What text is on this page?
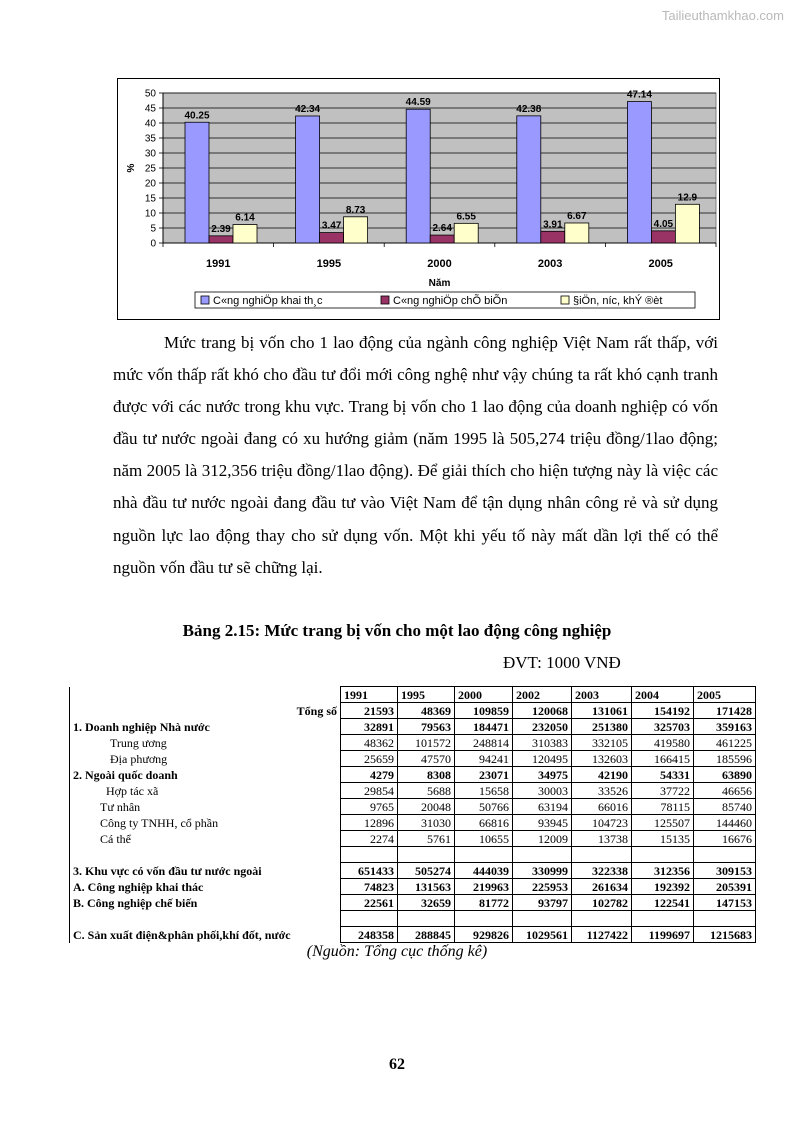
Tailieuthamkhao.com
0
5
10
15
20
25
30
35
40
45
50
%
40.25
2.39
6.14
1991
42.34
3.47
8.73
1995
44.59
2.64
6.55
2000
42.38
3.91
6.67
2003
47.14
4.05
12.9
2005
Năm
C«ng nghiÖp khai th¸c	C«ng nghiÖp chÕ biÕn	§iÖn, níc, khÝ ®èt

Mức trang bị vốn cho 1 lao động của ngành công nghiệp Việt Nam rất thấp, với mức vốn thấp rất khó cho đầu tư đổi mới công nghệ như vậy chúng ta rất khó cạnh tranh được với các nước trong khu vực. Trang bị vốn cho 1 lao động của doanh nghiệp có vốn đầu tư nước ngoài đang có xu hướng giảm (năm 1995 là 505,274 triệu đồng/1lao động; năm 2005 là 312,356 triệu đồng/1lao động). Để giải thích cho hiện tượng này là việc các nhà đầu tư nước ngoài đang đầu tư vào Việt Nam để tận dụng nhân công rẻ và sử dụng nguồn lực lao động thay cho sử dụng vốn. Một khi yếu tố này mất dần lợi thế có thể nguồn vốn đầu tư sẽ chững lại.

Bảng 2.15: Mức trang bị vốn cho một lao động công nghiệp
ĐVT: 1000 VNĐ
	1991	1995	2000	2002	2003	2004	2005
Tổng số	21593	48369	109859	120068	131061	154192	171428
1. Doanh nghiệp Nhà nước	32891	79563	184471	232050	251380	325703	359163
Trung ương	48362	101572	248814	310383	332105	419580	461225
Địa phương	25659	47570	94241	120495	132603	166415	185596
2. Ngoài quốc doanh	4279	8308	23071	34975	42190	54331	63890
Hợp tác xã	29854	5688	15658	30003	33526	37722	46656
Tư nhân	9765	20048	50766	63194	66016	78115	85740
Công ty TNHH, cổ phần	12896	31030	66816	93945	104723	125507	144460
Cá thể	2274	5761	10655	12009	13738	15135	16676

3. Khu vực có vốn đầu tư nước ngoài	651433	505274	444039	330999	322338	312356	309153
A. Công nghiệp khai thác	74823	131563	219963	225953	261634	192392	205391
B. Công nghiệp chế biến	22561	32659	81772	93797	102782	122541	147153

C. Sản xuất điện&phân phối,khí đốt, nước	248358	288845	929826	1029561	1127422	1199697	1215683
(Nguồn: Tổng cục thống kê)
62
